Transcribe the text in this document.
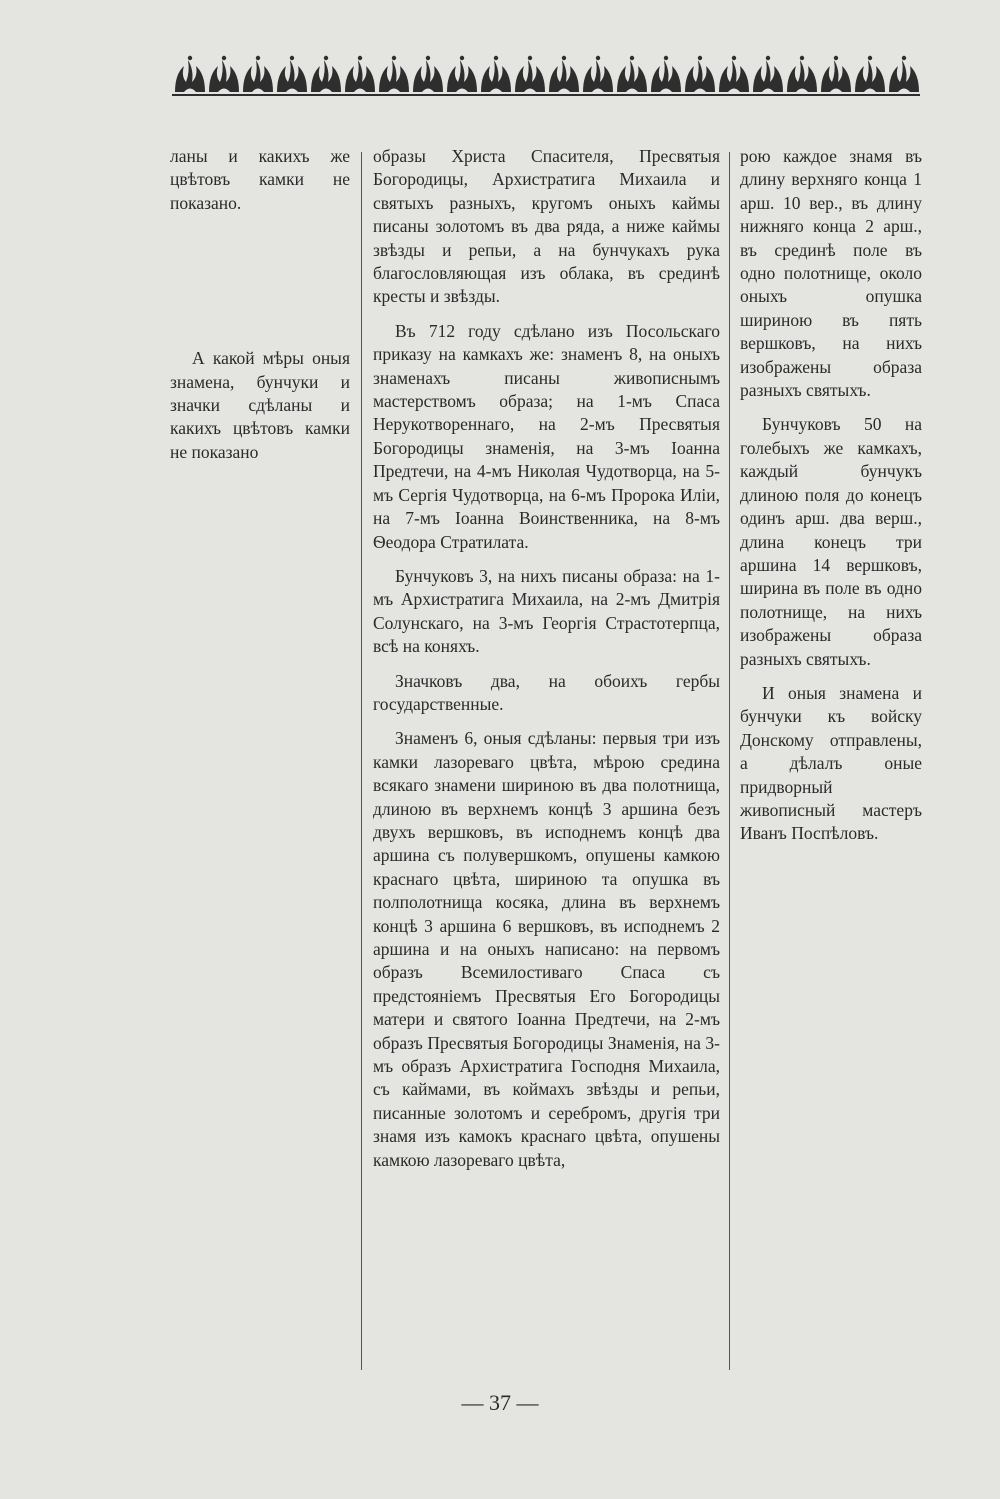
ланы и какихъ же цвѣтовъ камки не показано.

А какой мѣры оныя знамена, бунчуки и значки сдѣланы и какихъ цвѣтовъ камки не показано

образы Христа Спасителя, Пресвятыя Богородицы, Архистратига Михаила и святыхъ разныхъ, кругомъ оныхъ каймы писаны золотомъ въ два ряда, а ниже каймы звѣзды и репьи, а на бунчукахъ рука благословляющая изъ облака, въ срединѣ кресты и звѣзды.

Въ 712 году сдѣлано изъ Посольскаго приказу на камкахъ же: знаменъ 8, на оныхъ знаменахъ писаны живописнымъ мастерствомъ образа; на 1-мъ Спаса Нерукотвореннаго, на 2-мъ Пресвятыя Богородицы знаменія, на 3-мъ Іоанна Предтечи, на 4-мъ Николая Чудотворца, на 5-мъ Сергія Чудотворца, на 6-мъ Пророка Иліи, на 7-мъ Іоанна Воинственника, на 8-мъ Ѳеодора Стратилата.

Бунчуковъ 3, на нихъ писаны образа: на 1-мъ Архистратига Михаила, на 2-мъ Дмитрія Солунскаго, на 3-мъ Георгія Страстотерпца, всѣ на коняхъ.

Значковъ два, на обоихъ гербы государственные.

Знаменъ 6, оныя сдѣланы: первыя три изъ камки лазореваго цвѣта, мѣрою средина всякаго знамени шириною въ два полотнища, длиною въ верхнемъ концѣ 3 аршина безъ двухъ вершковъ, въ исподнемъ концѣ два аршина съ полувершкомъ, опушены камкою краснаго цвѣта, шириною та опушка въ полполотнища косяка, длина въ верхнемъ концѣ 3 аршина 6 вершковъ, въ исподнемъ 2 аршина и на оныхъ написано: на первомъ образъ Всемилостиваго Спаса съ предстояніемъ Пресвятыя Его Богородицы матери и святого Іоанна Предтечи, на 2-мъ образъ Пресвятыя Богородицы Знаменія, на 3-мъ образъ Архистратига Господня Михаила, съ каймами, въ коймахъ звѣзды и репьи, писанные золотомъ и серебромъ, другія три знамя изъ камокъ краснаго цвѣта, опушены камкою лазореваго цвѣта,

рою каждое знамя въ длину верхняго конца 1 арш. 10 вер., въ длину нижняго конца 2 арш., въ срединѣ поле въ одно полотнище, около оныхъ опушка шириною въ пять вершковъ, на нихъ изображены образа разныхъ святыхъ.

Бунчуковъ 50 на голебыхъ же камкахъ, каждый бунчукъ длиною поля до конецъ одинъ арш. два верш., длина конецъ три аршина 14 вершковъ, ширина въ поле въ одно полотнище, на нихъ изображены образа разныхъ святыхъ.

И оныя знамена и бунчуки къ войску Донскому отправлены, а дѣлалъ оные придворный живописный мастеръ Иванъ Поспѣловъ.

— 37 —
